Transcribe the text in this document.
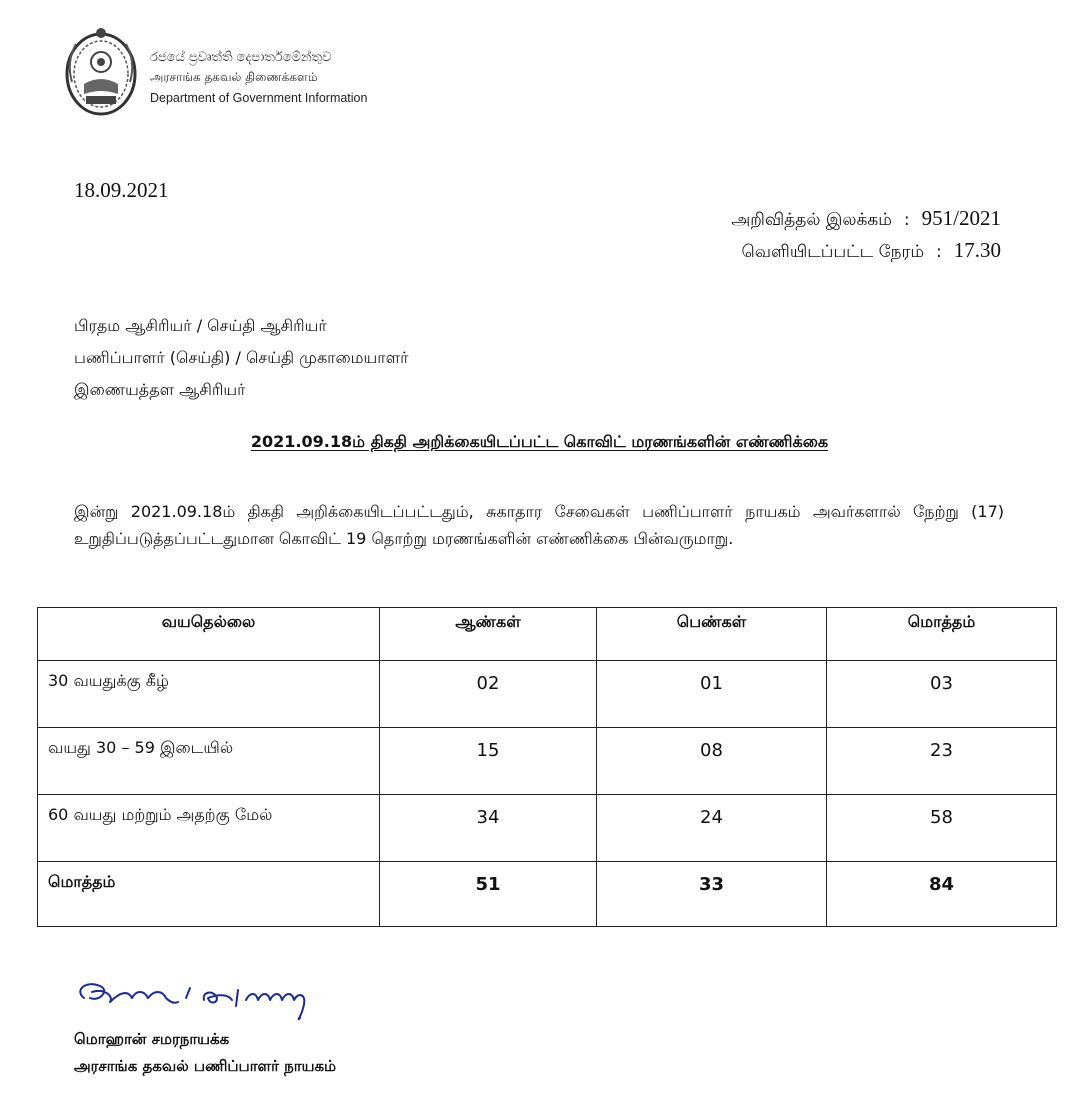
රජයේ ප්‍රවෘත්ති දෙපාර්තමේන්තුව
அரசாங்க தகவல் திணைக்களம்
Department of Government Information
18.09.2021
அறிவித்தல் இலக்கம் : 951/2021
வெளியிடப்பட்ட நேரம் : 17.30
பிரதம ஆசிரியர் / செய்தி ஆசிரியர்
பணிப்பாளர் (செய்தி) / செய்தி முகாமையாளர்
இணையத்தள ஆசிரியர்
2021.09.18ம் திகதி அறிக்கையிடப்பட்ட கொவிட் மரணங்களின் எண்ணிக்கை
இன்று 2021.09.18ம் திகதி அறிக்கையிடப்பட்டதும், சுகாதார சேவைகள் பணிப்பாளர் நாயகம் அவர்களால் நேற்று (17) உறுதிப்படுத்தப்பட்டதுமான கொவிட் 19 தொற்று மரணங்களின் எண்ணிக்கை பின்வருமாறு.
வயதெல்லை	ஆண்கள்	பெண்கள்	மொத்தம்
30 வயதுக்கு கீழ்	02	01	03
வயது 30 – 59 இடையில்	15	08	23
60 வயது மற்றும் அதற்கு மேல்	34	24	58
மொத்தம்	51	33	84
மொஹான் சமரநாயக்க
அரசாங்க தகவல் பணிப்பாளர் நாயகம்
